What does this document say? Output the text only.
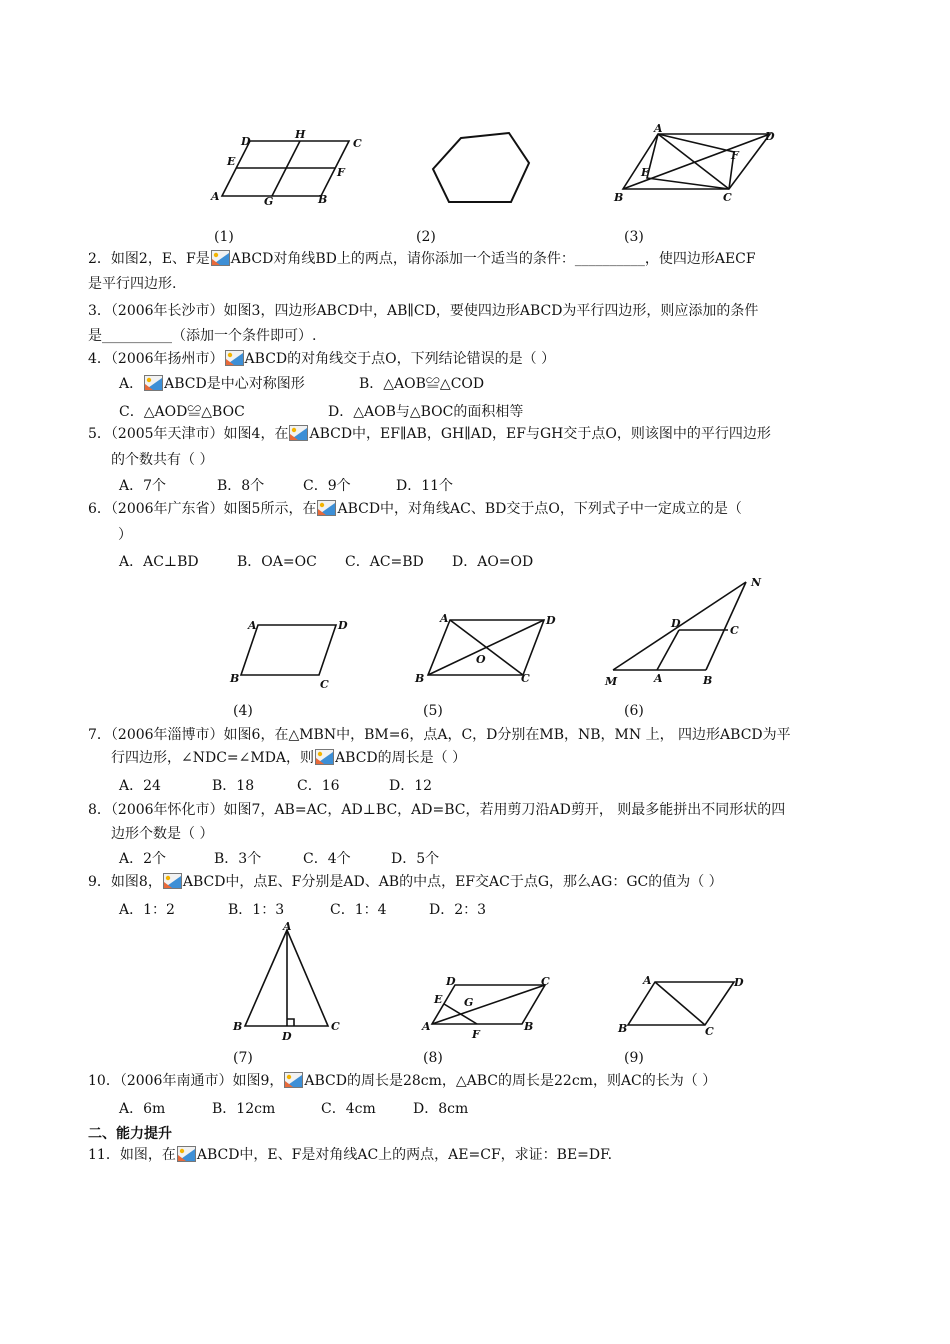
D
H
C
E
F
A	G	B
A
D
F
E
B	C
(1)	(2)	(3)
2．如图2，E、F是 ABCD对角线BD上的两点，请你添加一个适当的条件：__________，使四边形AECF
是平行四边形.
3．（2006年长沙市）如图3，四边形ABCD中，AB∥CD，要使四边形ABCD为平行四边形，则应添加的条件
是__________（添加一个条件即可）.
4．（2006年扬州市） ABCD的对角线交于点O，下列结论错误的是（ ）
A． ABCD是中心对称图形	B．△AOB≌△COD
C．△AOD≌△BOC	D．△AOB与△BOC的面积相等
5．（2005年天津市）如图4，在 ABCD中，EF∥AB，GH∥AD，EF与GH交于点O，则该图中的平行四边形
的个数共有（ ）
A．7个	B．8个	C．9个	D．11个
6．（2006年广东省）如图5所示，在 ABCD中，对角线AC、BD交于点O，下列式子中一定成立的是（
）
A．AC⊥BD	B．OA=OC C．AC=BD D．AO=OD
A	D
B	C
A	D
O
B	C
N
D
C
M	A	B
(4)	(5)	(6)
7．（2006年淄博市）如图6，在△MBN中，BM=6，点A，C，D分别在MB，NB，MN 上， 四边形ABCD为平
行四边形，∠NDC=∠MDA，则 ABCD的周长是（ ）
A．24	B．18	C．16	D．12
8．（2006年怀化市）如图7，AB=AC，AD⊥BC，AD=BC，若用剪刀沿AD剪开， 则最多能拼出不同形状的四
边形个数是（ ）
A．2个	B．3个	C．4个	D．5个
9．如图8， ABCD中，点E、F分别是AD、AB的中点，EF交AC于点G，那么AG：GC的值为（ ）
A．1：2	B．1：3	C．1：4	D．2：3
A
B
D
C
D	C
E G
A
F
B
A	D
B	C
(7)	(8)	(9)
10．（2006年南通市）如图9， ABCD的周长是28cm，△ABC的周长是22cm，则AC的长为（ ）
A．6m	B．12cm	C．4cm	D．8cm
二、能力提升
11．如图，在 ABCD中，E、F是对角线AC上的两点，AE=CF，求证：BE=DF.
